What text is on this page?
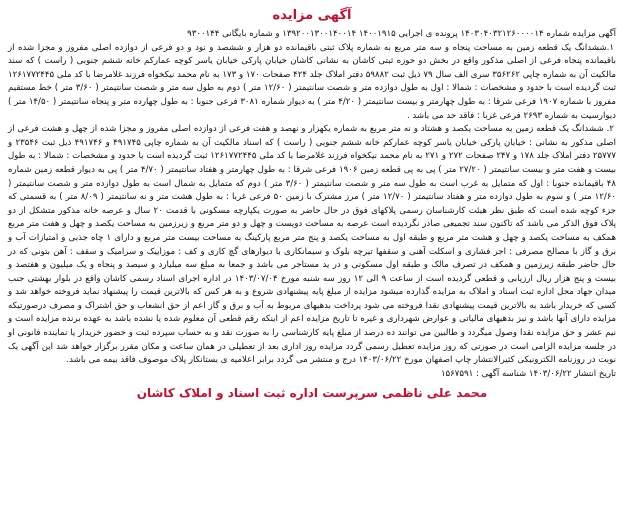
آگهی مزایده

آگهی مزایده شماره ۱۴۰۳۰۴۰۳۲۱۲۶۰۰۰۰۱۴ پرونده ی اجرایی ۱۴۰۰۱۹۱۵ ۱۳۹۲۰۰۱۳۰۰۱۴۰۰۱۴ و شماره بایگانی ۹۳۰۰۱۴۴

۱.ششدانگ یک قطعه زمین به مساحت پنجاه و سه متر مربع به شماره پلاک ثبتی باقیمانده دو هزار و ششصد و نود و دو فرعی از دوازده اصلی مفروز و مجزا شده از باقیمانده پنجاه فرعی از اصلی مذکور واقع در بخش دو حوزه ثبتی کاشان به نشانی کاشان خیابان پارکی خیابان یاسر کوچه عمارکم خانه ششم جنوبی ( راست ) که سند مالکیت آن به شماره چاپی ۳۵۶۲۶۲ سری الف سال ۷۹ ذیل ثبت ۵۹۸۸۲ دفتر املاک جلد ۴۲۴ صفحات ۱۷۰ و ۱۷۳ به نام محمد نیکخواه فرزند غلامرضا با کد ملی ۱۲۶۱۷۷۲۴۴۵ ثبت گردیده است با حدود و مشخصات : شمالا : اول به طول دوازده متر و شصت سانتیمتر ( ۱۲/۶۰ متر ) دوم به طول سه متر و شصت سانتیمتر ( ۳/۶۰ متر ) خط مستقیم مفروز با شماره ۱۹۰۷ فرعی شرقا : به طول چهارمتر و بیست سانتیمتر ( ۴/۲۰ متر ) به دیوار شماره ۳۰۸۱ فرعی جنوبا : به طول چهارده متر و پنجاه سانتیمتر ( ۱۴/۵۰ متر ) دیوارسیت به شماره ۲۶۹۳ فرعی غربا : فاقد حد می باشد .

۲. ششدانگ یک قطعه زمین به مساحت یکصد و هشتاد و نه متر مربع به شماره یکهزار و نهصد و هفت فرعی از دوازده اصلی مفروز و مجزا شده از چهل و هشت فرعی از اصلی مذکور به نشانی : خیابان پارکی خیابان یاسر کوچه عمارکم خانه ششم جنوبی ( راست ) که اسناد مالکیت آن به شماره چاپی ۴۹۱۷۴۵ و ۴۹۱۷۴۶ ذیل ثبت ۲۳۵۴۶ و ۲۵۷۷۷ دفتر املاک جلد ۱۷۸ و ۲۴۷ صفحات ۲۷۲ و ۲۷۱ به نام محمد نیکخواه فرزند غلامرضا با کد ملی ۱۲۶۱۷۷۲۴۴۵ ثبت گردیده است با حدود و مشخصات : شمالا : به طول بیست و هفت متر و بیست سانتیمتر ( ۲۷/۲۰ متر ) پی به پی قطعه زمین ۱۹۰۶ فرعی شرقا : به طول چهارمتر و هفتاد سانتیمتر ( ۴/۷۰ متر ) پی به دیوار قطعه زمین شماره ۴۸ باقیمانده جنوبا : اول که متمایل به غرب است به طول سه متر و شصت سانتیمتر ( ۳/۶۰ متر ) دوم که متمایل به شمال است به طول دوازده متر و شصت سانتیمتر ( ۱۲/۶۰ متر ) و سوم به طول دوازده متر و هفتاد سانتیمتر ( ۱۲/۷۰ متر ) مرز مشترک با زمین ۵۰ فرعی غربا : به طول هشت متر و نه سانتیمتر ( ۸/۰۹ متر ) به قسمتی که جزء کوچه شده است که طبق نظر هیئت کارشناسان رسمی پلاکهای فوق در حال حاضر به صورت یکپارچه مسکونی با قدمت ۲۰ سال و عرصه خانه مذکور متشکل از دو پلاک فوق الذکر می باشد که تاکنون سند تجمیعی صادر نگردیده است عرصه به مساحت دویست و چهل و دو متر مربع و زیرزمین به مساحت یکصد و چهل و هفت متر مربع همکف به مساحت یکصد و چهل و هشت متر مربع و طبقه اول به مساحت یکصد و پنج متر مربع پارکینگ به مساحت بیست متر مربع و دارای ۱ چاه جذبی و امتیازات آب و برق و گاز با مصالح مصرفی : اجر فشاری و اسکلت آهنی و سقفها تیرچه بلوک و سیمانکاری با دیوارهای گچ کاری و کف : موزاییک و سرامیک و سقف : آهن بتونی که در حال حاضر طبقه زیرزمین و همکف در تصرف مالک و طبقه اول مسکونی و در ید مستاجر می باشد و جمعا به مبلغ سه میلیارد و سیصد و پنجاه و یک میلیون و هفتصد و بیست و پنج هزار ریال ارزیابی و قطعی گردیده است از ساعت ۹ الی ۱۲ روز سه شنبه مورخ ۱۴۰۳/۰۷/۰۴ در اداره اجرای اسناد رسمی کاشان واقع در بلوار بهشتی جنب میدان جهاد محل اداره ثبت اسناد و املاک به مزایده گذارده میشود مزایده از مبلغ پایه پیشنهادی شروع و به هر کس که بالاترین قیمت را پیشنهاد نماید فروخته خواهد شد و کسی که خریدار باشد به بالاترین قیمت پیشنهادی نقدا فروخته می شود پرداخت بدهیهای مربوط به آب و برق و گاز اعم از حق انشعاب و حق اشتراک و مصرف درصورتیکه مزایده دارای آنها باشد و نیز بدهیهای مالیاتی و عوارض شهرداری و غیره تا تاریخ مزایده اعم از اینکه رقم قطعی آن معلوم شده یا نشده باشد به عهده برنده مزایده است و نیم عشر و حق مزایده نقدا وصول میگردد و طالبین می توانند ده درصد از مبلغ پایه کارشناسی را به صورت نقد و به حساب سپرده ثبت و حضور خریدار یا نماینده قانونی او در جلسه مزایده الزامی است در صورتی که روز مزایده تعطیل رسمی گردد مزایده روز اداری بعد از تعطیلی در همان ساعت و مکان مقرر برگزار خواهد شد این آگهی یک نوبت در روزنامه الکترونیکی کثیرالانتشار چاپ اصفهان مورخ ۱۴۰۳/۰۶/۲۲ درج و منتشر می گردد برابر اعلامیه ی بستانکار پلاک موصوف فاقد بیمه می باشد.

تاریخ انتشار ۱۴۰۳/۰۶/۲۲ شناسه آگهی : ۱۵۶۷۵۹۱

محمد علی ناظمی سرپرست اداره ثبت اسناد و املاک کاشان
